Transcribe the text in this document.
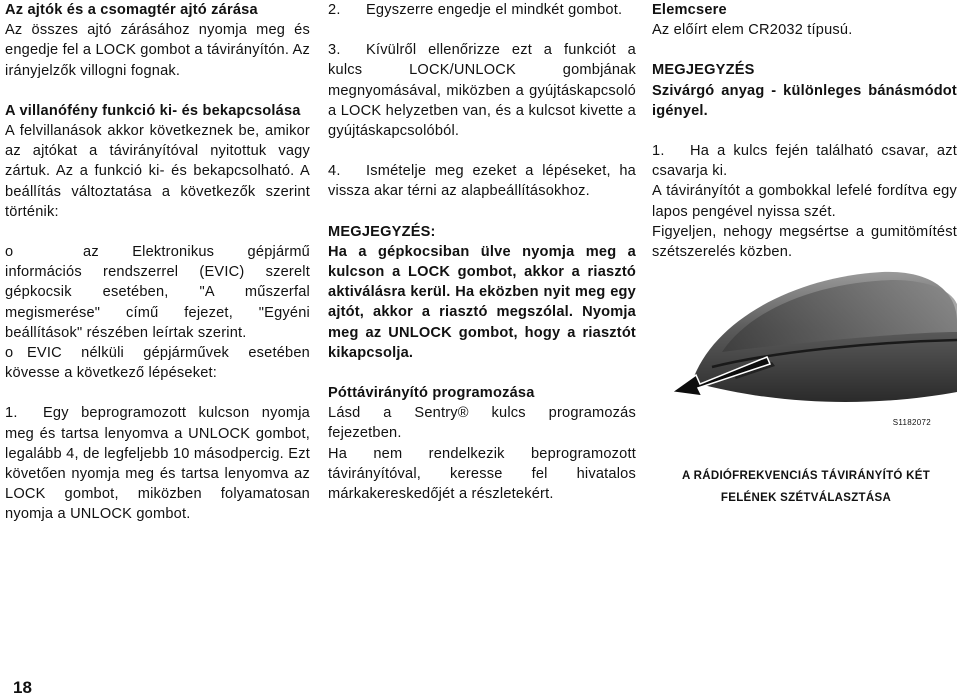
Az ajtók és a csomagtér ajtó zárása

Az összes ajtó zárásához nyomja meg és engedje fel a LOCK gombot a távirányítón. Az irányjelzők villogni fognak.

A villanófény funkció ki- és bekapcsolása

A felvillanások akkor következnek be, amikor az ajtókat a távirányítóval nyitottuk vagy zártuk. Az a funkció ki- és bekapcsolható. A beállítás változtatása a következők szerint történik:

o	az Elektronikus gépjármű információs rendszerrel (EVIC) szerelt gépkocsik esetében, "A műszerfal megismerése" című fejezet, "Egyéni beállítások" részében leírtak szerint.

o EVIC nélküli gépjárművek esetében kövesse a következő lépéseket:

1. Egy beprogramozott kulcson nyomja meg és tartsa lenyomva a UNLOCK gombot, legalább 4, de legfeljebb 10 másodpercig. Ezt követően nyomja meg és tartsa lenyomva az LOCK gombot, miközben folyamatosan nyomja a UNLOCK gombot.

2. Egyszerre engedje el mindkét gombot.

3. Kívülről ellenőrizze ezt a funkciót a kulcs LOCK/UNLOCK gombjának megnyomásával, miközben a gyújtáskapcsoló a LOCK helyzetben van, és a kulcsot kivette a gyújtáskapcsolóból.

4. Ismételje meg ezeket a lépéseket, ha vissza akar térni az alapbeállításokhoz.

MEGJEGYZÉS:

Ha a gépkocsiban ülve nyomja meg a kulcson a LOCK gombot, akkor a riasztó aktiválásra kerül. Ha eközben nyit meg egy ajtót, akkor a riasztó megszólal. Nyomja meg az UNLOCK gombot, hogy a riasztót kikapcsolja.

Póttávirányító programozása

Lásd a Sentry® kulcs programozás fejezetben.

Ha nem rendelkezik beprogramozott távirányítóval, keresse fel hivatalos márkakereskedőjét a részletekért.

Elemcsere

Az előírt elem CR2032 típusú.

MEGJEGYZÉS

Szivárgó anyag - különleges bánásmódot igényel.

1. Ha a kulcs fején található csavar, azt csavarja ki.

A távirányítót a gombokkal lefelé fordítva egy lapos pengével nyissa szét.

Figyeljen, nehogy megsértse a gumitömítést szétszerelés közben.

S1182072
A RÁDIÓFREKVENCIÁS TÁVIRÁNYÍTÓ KÉT FELÉNEK SZÉTVÁLASZTÁSA
18
